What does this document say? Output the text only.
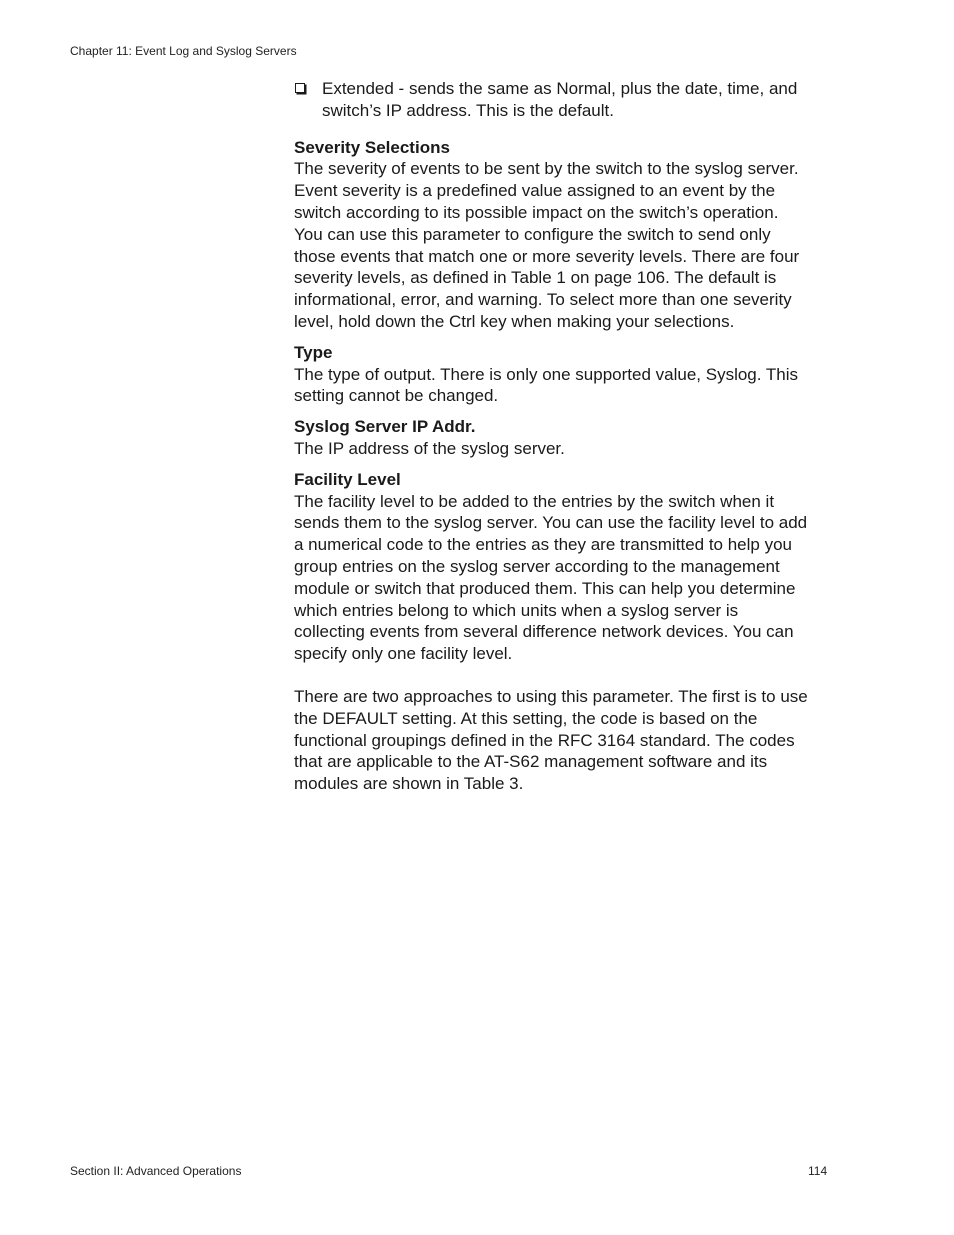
Chapter 11: Event Log and Syslog Servers
Extended - sends the same as Normal, plus the date, time, and switch’s IP address. This is the default.

Severity Selections

The severity of events to be sent by the switch to the syslog server. Event severity is a predefined value assigned to an event by the switch according to its possible impact on the switch’s operation. You can use this parameter to configure the switch to send only those events that match one or more severity levels. There are four severity levels, as defined in Table 1 on page 106. The default is informational, error, and warning. To select more than one severity level, hold down the Ctrl key when making your selections.

Type

The type of output. There is only one supported value, Syslog. This setting cannot be changed.

Syslog Server IP Addr.

The IP address of the syslog server.

Facility Level

The facility level to be added to the entries by the switch when it sends them to the syslog server. You can use the facility level to add a numerical code to the entries as they are transmitted to help you group entries on the syslog server according to the management module or switch that produced them. This can help you determine which entries belong to which units when a syslog server is collecting events from several difference network devices. You can specify only one facility level.

There are two approaches to using this parameter. The first is to use the DEFAULT setting. At this setting, the code is based on the functional groupings defined in the RFC 3164 standard. The codes that are applicable to the AT-S62 management software and its modules are shown in Table 3.

Section II: Advanced Operations	114
